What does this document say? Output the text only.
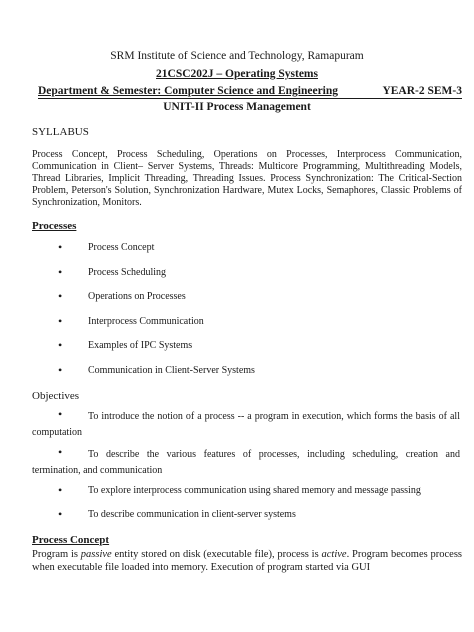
SRM Institute of Science and Technology, Ramapuram
21CSC202J – Operating Systems
Department & Semester: Computer Science and Engineering	YEAR-2 SEM-3
UNIT-II Process Management
SYLLABUS
Process Concept, Process Scheduling, Operations on Processes, Interprocess Communication, Communication in Client– Server Systems, Threads: Multicore Programming, Multithreading Models, Thread Libraries, Implicit Threading, Threading Issues. Process Synchronization: The Critical-Section Problem, Peterson's Solution, Synchronization Hardware, Mutex Locks, Semaphores, Classic Problems of Synchronization, Monitors.
Processes
•	Process Concept
•	Process Scheduling
•	Operations on Processes
•	Interprocess Communication
•	Examples of IPC Systems
•	Communication in Client-Server Systems
Objectives
•	To introduce the notion of a process -- a program in execution, which forms the basis of all computation
•	To describe the various features of processes, including scheduling, creation and termination, and communication
•	To explore interprocess communication using shared memory and message passing
•	To describe communication in client-server systems
Process Concept
Program is passive entity stored on disk (executable file), process is active. Program becomes process when executable file loaded into memory. Execution of program started via GUI
